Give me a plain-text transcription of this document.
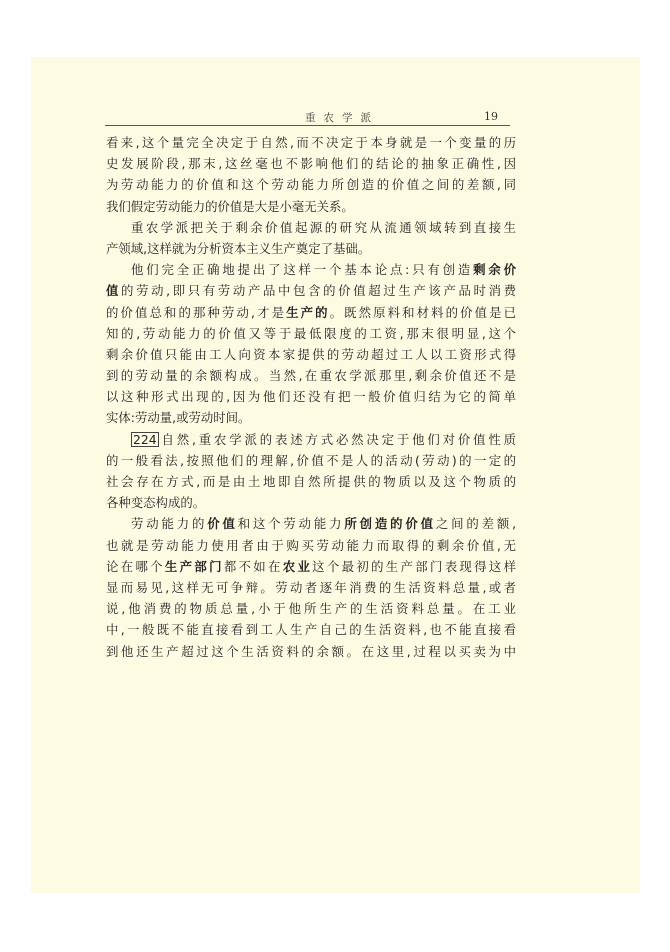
重农学派	19
看来,这个量完全决定于自然,而不决定于本身就是一个变量的历
史发展阶段,那末,这丝毫也不影响他们的结论的抽象正确性,因
为劳动能力的价值和这个劳动能力所创造的价值之间的差额,同
我们假定劳动能力的价值是大是小毫无关系。
重农学派把关于剩余价值起源的研究从流通领域转到直接生
产领域,这样就为分析资本主义生产奠定了基础。
他们完全正确地提出了这样一个基本论点:只有创造剩余价
值的劳动,即只有劳动产品中包含的价值超过生产该产品时消费
的价值总和的那种劳动,才是生产的。既然原料和材料的价值是已
知的,劳动能力的价值又等于最低限度的工资,那末很明显,这个
剩余价值只能由工人向资本家提供的劳动超过工人以工资形式得
到的劳动量的余额构成。当然,在重农学派那里,剩余价值还不是
以这种形式出现的,因为他们还没有把一般价值归结为它的简单
实体:劳动量,或劳动时间。
224 自然,重农学派的表述方式必然决定于他们对价值性质
的一般看法,按照他们的理解,价值不是人的活动(劳动)的一定的
社会存在方式,而是由土地即自然所提供的物质以及这个物质的
各种变态构成的。
劳动能力的价值和这个劳动能力所创造的价值之间的差额,
也就是劳动能力使用者由于购买劳动能力而取得的剩余价值,无
论在哪个生产部门都不如在农业这个最初的生产部门表现得这样
显而易见,这样无可争辩。劳动者逐年消费的生活资料总量,或者
说,他消费的物质总量,小于他所生产的生活资料总量。在工业
中,一般既不能直接看到工人生产自己的生活资料,也不能直接看
到他还生产超过这个生活资料的余额。在这里,过程以买卖为中
